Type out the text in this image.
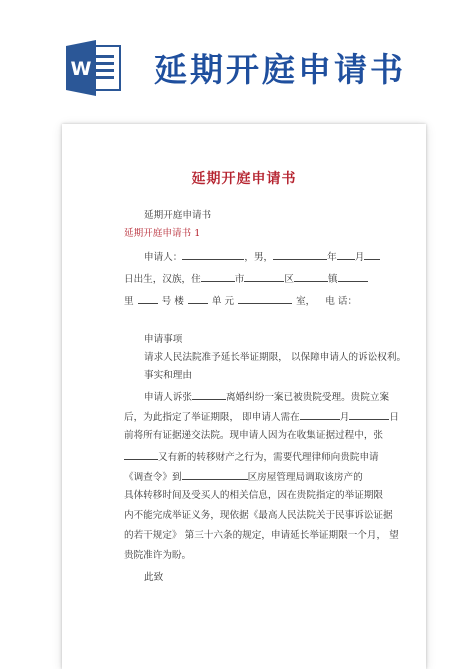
W 延期开庭申请书
延期开庭申请书
延期开庭申请书
延期开庭申请书 1
申请人：	，男，	年 月
日出生，汉族，住	市	区	镇
里	号 楼	单 元	室， 电 话：
申请事项
请求人民法院准予延长举证期限， 以保障申请人的诉讼权利。
事实和理由
申请人诉张	离婚纠纷一案已被贵院受理。贵院立案
后，为此指定了举证期限， 即申请人需在	月	日
前将所有证据递交法院。现申请人因为在收集证据过程中，张
又有新的转移财产之行为，需要代理律师向贵院申请
《调查令》到	区房屋管理局调取该房产的
具体转移时间及受买人的相关信息，因在贵院指定的举证期限
内不能完成举证义务，现依据《最高人民法院关于民事诉讼证据
的若干规定》 第三十六条的规定，申请延长举证期限一个月， 望
贵院准许为盼。
此致
